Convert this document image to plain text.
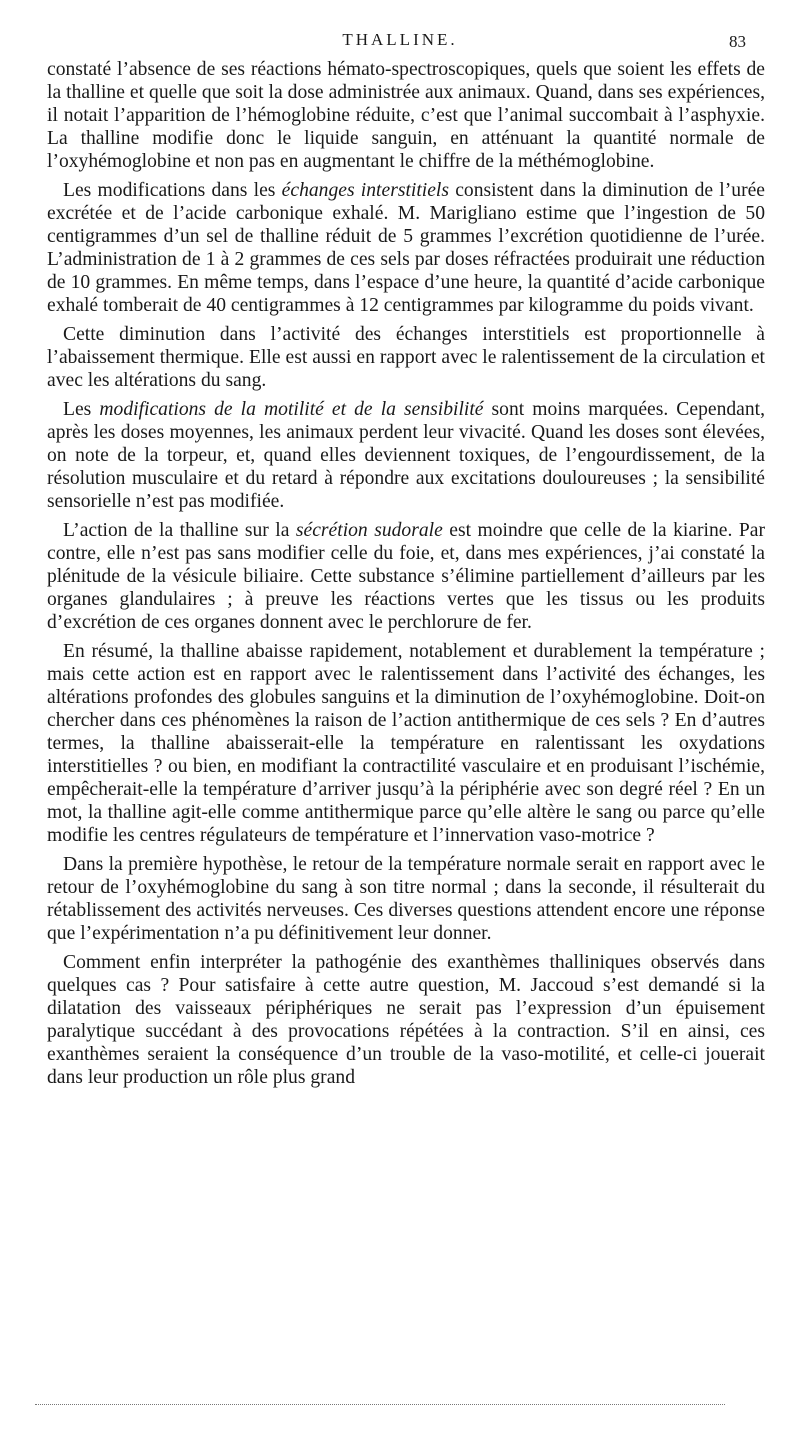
THALLINE.	83

constaté l’absence de ses réactions hémato-spectroscopiques, quels que soient les effets de la thalline et quelle que soit la dose administrée aux animaux. Quand, dans ses expériences, il notait l’apparition de l’hémoglobine réduite, c’est que l’animal succombait à l’asphyxie. La thalline modifie donc le liquide sanguin, en atténuant la quantité normale de l’oxyhémoglobine et non pas en augmentant le chiffre de la méthémoglobine.

Les modifications dans les échanges interstitiels consistent dans la diminution de l’urée excrétée et de l’acide carbonique exhalé. M. Marigliano estime que l’ingestion de 50 centigrammes d’un sel de thalline réduit de 5 grammes l’excrétion quotidienne de l’urée. L’administration de 1 à 2 grammes de ces sels par doses réfractées produirait une réduction de 10 grammes. En même temps, dans l’espace d’une heure, la quantité d’acide carbonique exhalé tomberait de 40 centigrammes à 12 centigrammes par kilogramme du poids vivant.

Cette diminution dans l’activité des échanges interstitiels est proportionnelle à l’abaissement thermique. Elle est aussi en rapport avec le ralentissement de la circulation et avec les altérations du sang.

Les modifications de la motilité et de la sensibilité sont moins marquées. Cependant, après les doses moyennes, les animaux perdent leur vivacité. Quand les doses sont élevées, on note de la torpeur, et, quand elles deviennent toxiques, de l’engourdissement, de la résolution musculaire et du retard à répondre aux excitations douloureuses ; la sensibilité sensorielle n’est pas modifiée.

L’action de la thalline sur la sécrétion sudorale est moindre que celle de la kiarine. Par contre, elle n’est pas sans modifier celle du foie, et, dans mes expériences, j’ai constaté la plénitude de la vésicule biliaire. Cette substance s’élimine partiellement d’ailleurs par les organes glandulaires ; à preuve les réactions vertes que les tissus ou les produits d’excrétion de ces organes donnent avec le perchlorure de fer.

En résumé, la thalline abaisse rapidement, notablement et durablement la température ; mais cette action est en rapport avec le ralentissement dans l’activité des échanges, les altérations profondes des globules sanguins et la diminution de l’oxyhémoglobine. Doit-on chercher dans ces phénomènes la raison de l’action antithermique de ces sels ? En d’autres termes, la thalline abaisserait-elle la température en ralentissant les oxydations interstitielles ? ou bien, en modifiant la contractilité vasculaire et en produisant l’ischémie, empêcherait-elle la température d’arriver jusqu’à la périphérie avec son degré réel ? En un mot, la thalline agit-elle comme antithermique parce qu’elle altère le sang ou parce qu’elle modifie les centres régulateurs de température et l’innervation vaso-motrice ?

Dans la première hypothèse, le retour de la température normale serait en rapport avec le retour de l’oxyhémoglobine du sang à son titre normal ; dans la seconde, il résulterait du rétablissement des activités nerveuses. Ces diverses questions attendent encore une réponse que l’expérimentation n’a pu définitivement leur donner.

Comment enfin interpréter la pathogénie des exanthèmes thalliniques observés dans quelques cas ? Pour satisfaire à cette autre question, M. Jaccoud s’est demandé si la dilatation des vaisseaux périphériques ne serait pas l’expression d’un épuisement paralytique succédant à des provocations répétées à la contraction. S’il en ainsi, ces exanthèmes seraient la conséquence d’un trouble de la vaso-motilité, et celle-ci jouerait dans leur production un rôle plus grand
